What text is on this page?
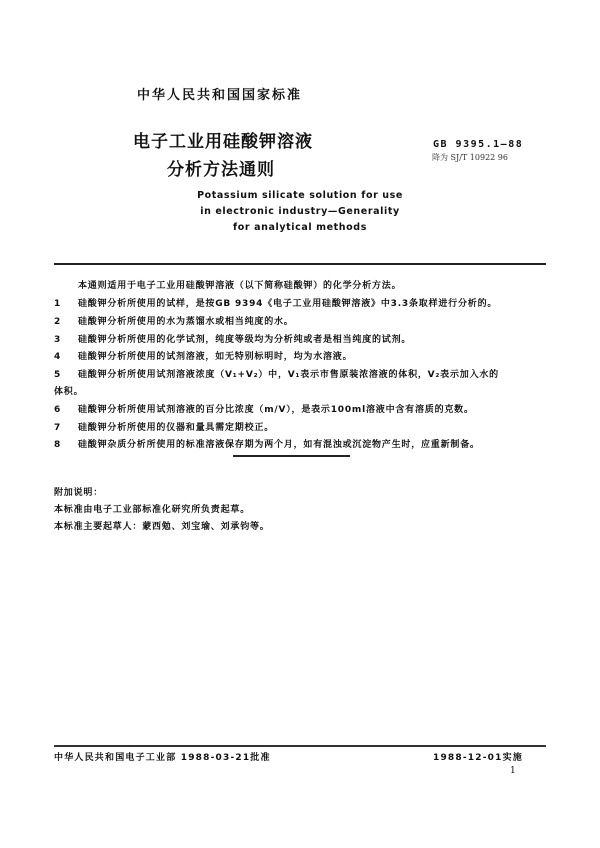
中华人民共和国国家标准
电子工业用硅酸钾溶液
分析方法通则
GB 9395.1—88
降为 SJ/T 10922 96
Potassium silicate solution for use
in electronic industry—Generality
for analytical methods
本通则适用于电子工业用硅酸钾溶液（以下简称硅酸钾）的化学分析方法。
1 硅酸钾分析所使用的试样，是按GB 9394《电子工业用硅酸钾溶液》中3.3条取样进行分析的。
2 硅酸钾分析所使用的水为蒸馏水或相当纯度的水。
3 硅酸钾分析所使用的化学试剂，纯度等级均为分析纯或者是相当纯度的试剂。
4 硅酸钾分析所使用的试剂溶液，如无特别标明时，均为水溶液。
5 硅酸钾分析所使用试剂溶液浓度（V₁+V₂）中，V₁表示市售原装浓溶液的体积，V₂表示加入水的
体积。
6 硅酸钾分析所使用试剂溶液的百分比浓度（m/V），是表示100ml溶液中含有溶质的克数。
7 硅酸钾分析所使用的仪器和量具需定期校正。
8 硅酸钾杂质分析所使用的标准溶液保存期为两个月，如有混浊或沉淀物产生时，应重新制备。
附加说明：
本标准由电子工业部标准化研究所负责起草。
本标准主要起草人：蒙西勉、刘宝瑜、刘承钧等。
中华人民共和国电子工业部 1988-03-21批准	1988-12-01实施
1
